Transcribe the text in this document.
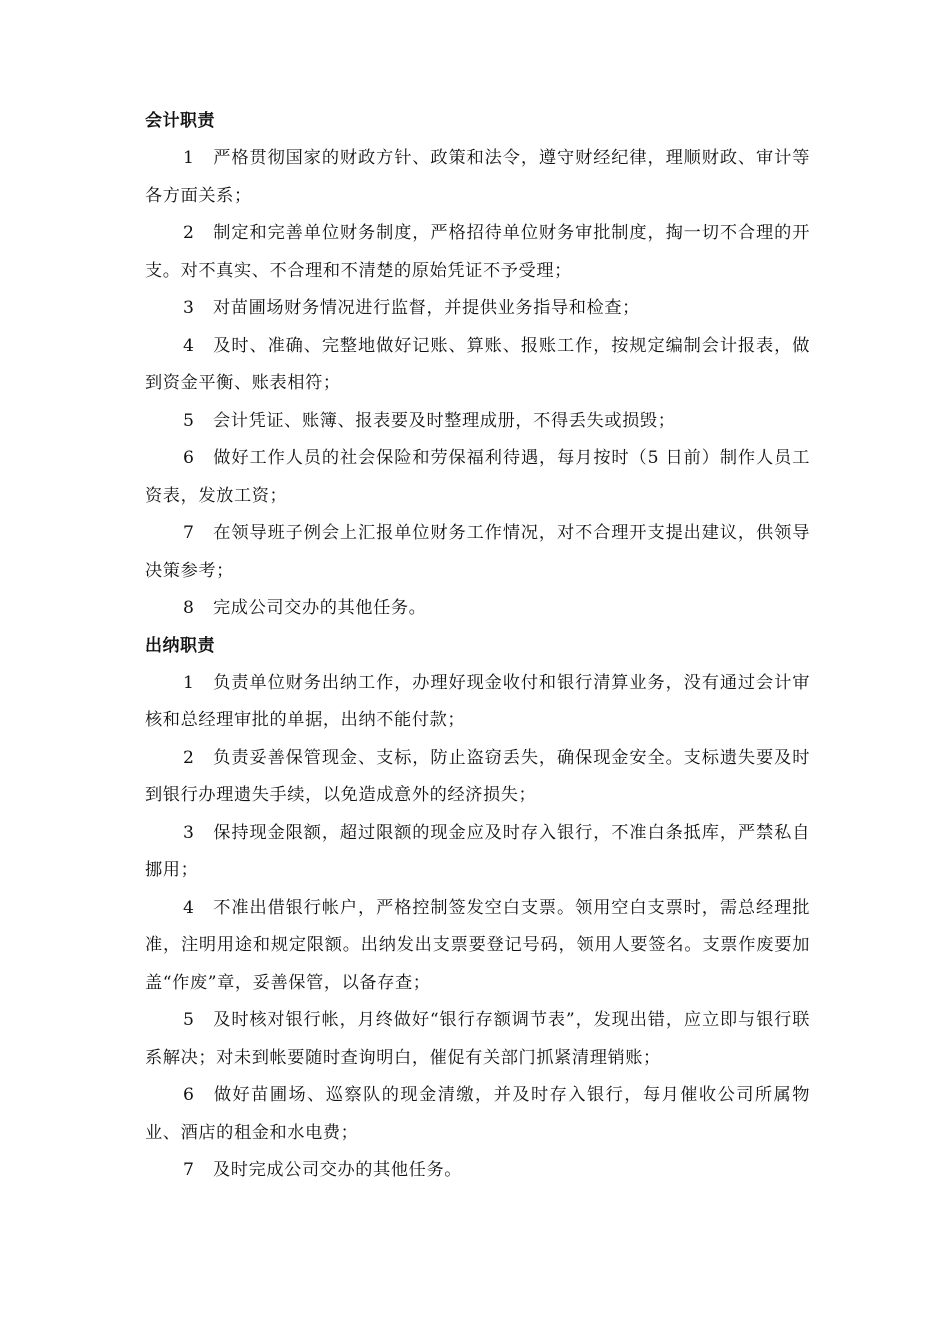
会计职责

1 严格贯彻国家的财政方针、政策和法令，遵守财经纪律，理顺财政、审计等各方面关系；

2 制定和完善单位财务制度，严格招待单位财务审批制度，掏一切不合理的开支。对不真实、不合理和不清楚的原始凭证不予受理；

3 对苗圃场财务情况进行监督，并提供业务指导和检查；

4 及时、准确、完整地做好记账、算账、报账工作，按规定编制会计报表，做到资金平衡、账表相符；

5 会计凭证、账簿、报表要及时整理成册，不得丢失或损毁；

6 做好工作人员的社会保险和劳保福利待遇，每月按时（5 日前）制作人员工资表，发放工资；

7 在领导班子例会上汇报单位财务工作情况，对不合理开支提出建议，供领导决策参考；

8 完成公司交办的其他任务。

出纳职责

1 负责单位财务出纳工作，办理好现金收付和银行清算业务，没有通过会计审核和总经理审批的单据，出纳不能付款；

2 负责妥善保管现金、支标，防止盗窃丢失，确保现金安全。支标遗失要及时到银行办理遗失手续，以免造成意外的经济损失；

3 保持现金限额，超过限额的现金应及时存入银行，不准白条抵库，严禁私自挪用；

4 不准出借银行帐户，严格控制签发空白支票。领用空白支票时，需总经理批准，注明用途和规定限额。出纳发出支票要登记号码，领用人要签名。支票作废要加盖“作废”章，妥善保管，以备存查；

5 及时核对银行帐，月终做好“银行存额调节表”，发现出错，应立即与银行联系解决；对未到帐要随时查询明白，催促有关部门抓紧清理销账；

6 做好苗圃场、巡察队的现金清缴，并及时存入银行，每月催收公司所属物业、酒店的租金和水电费；

7 及时完成公司交办的其他任务。
